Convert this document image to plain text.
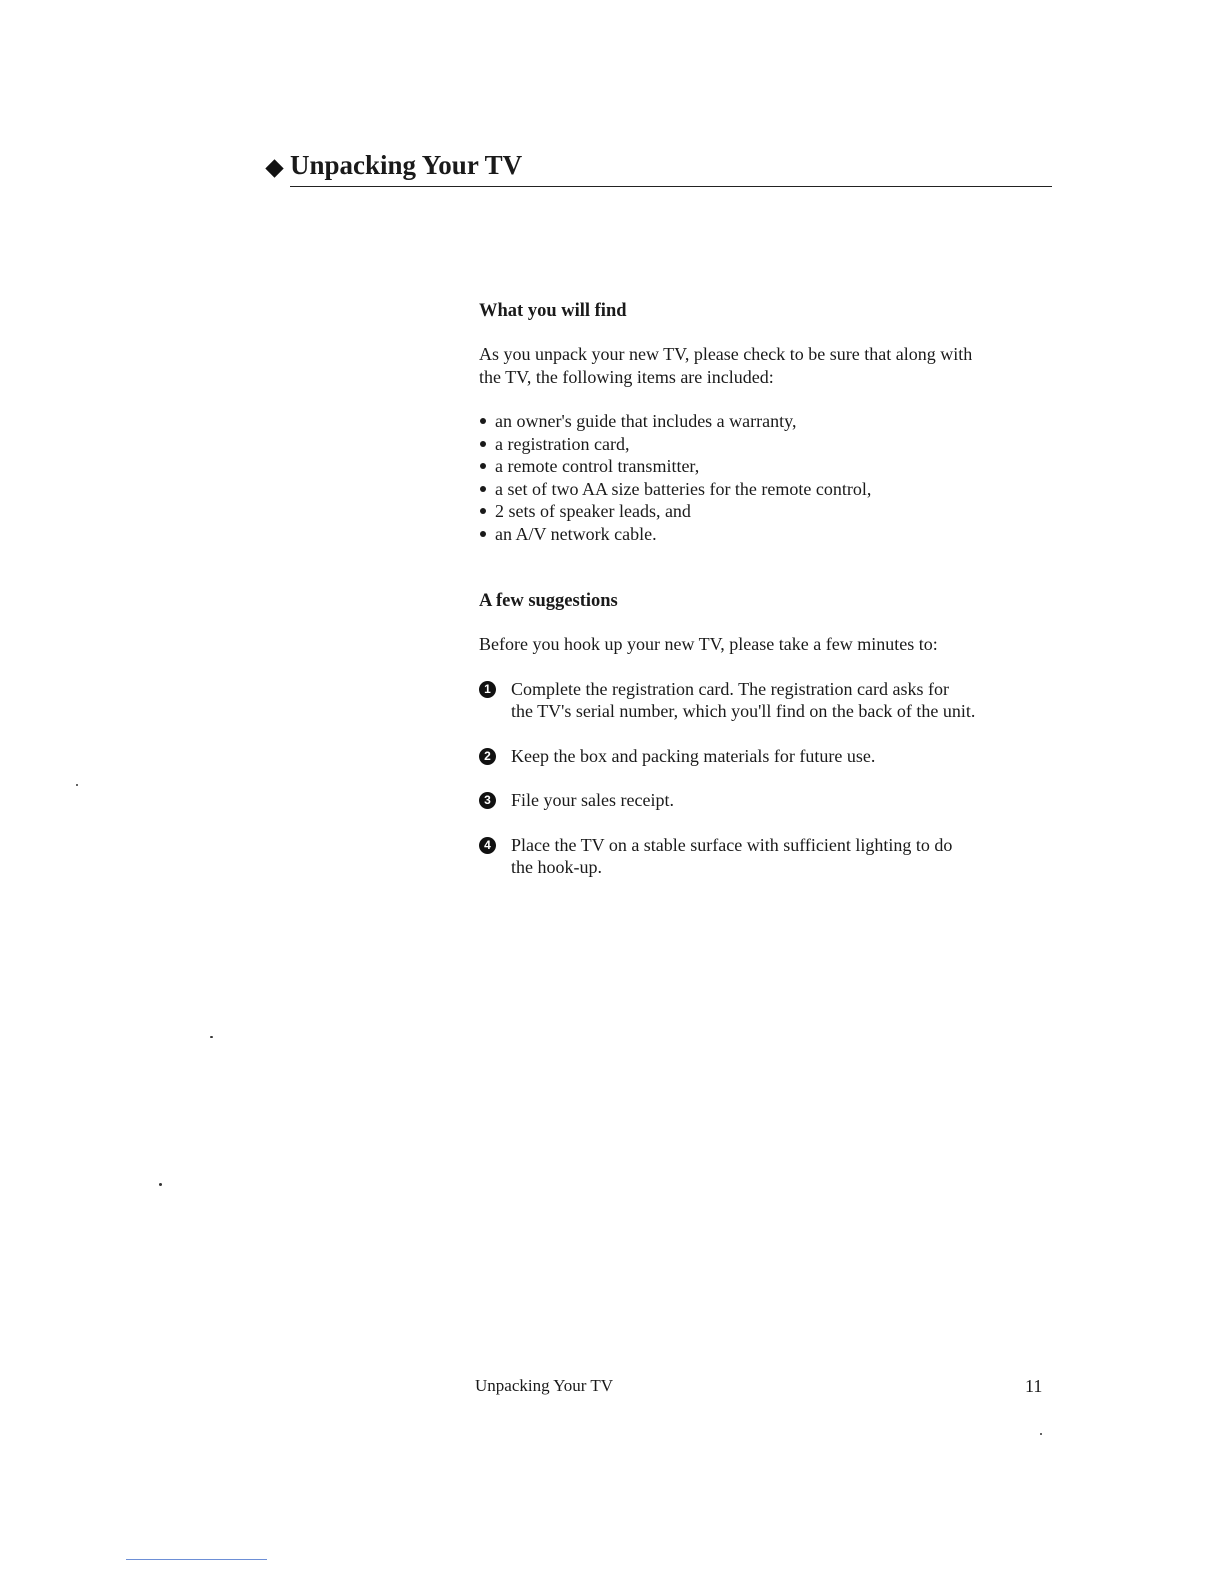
Unpacking Your TV
What you will find

As you unpack your new TV, please check to be sure that along with
the TV, the following items are included:

an owner's guide that includes a warranty,
a registration card,
a remote control transmitter,
a set of two AA size batteries for the remote control,
2 sets of speaker leads, and
an A/V network cable.
A few suggestions

Before you hook up your new TV, please take a few minutes to:

1 Complete the registration card. The registration card asks for
the TV's serial number, which you'll find on the back of the unit.
2 Keep the box and packing materials for future use.
3 File your sales receipt.
4 Place the TV on a stable surface with sufficient lighting to do
the hook-up.
Unpacking Your TV	11
